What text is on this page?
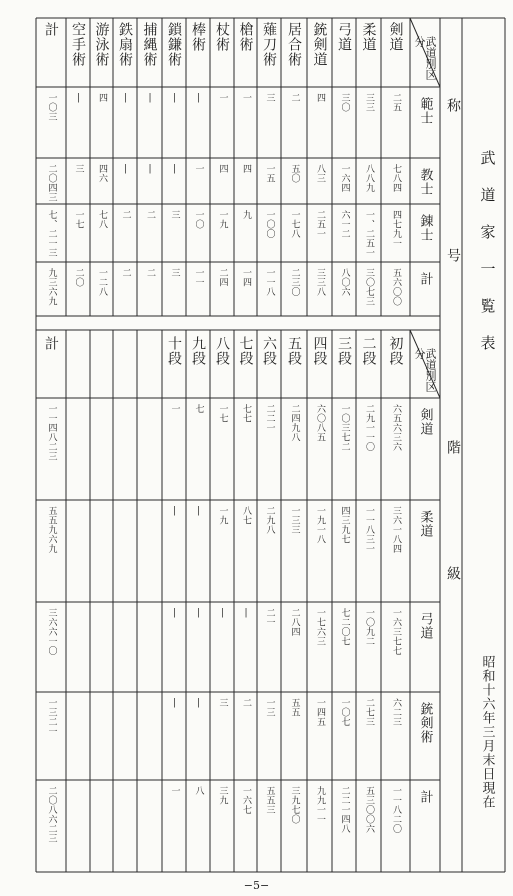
剣道
柔道
弓道
銃剣道
居合術
薙刀術
槍術
杖術
棒術
鎖鎌術
捕縄術
鉄扇術
游泳術
空手術
計
武道別区分
範士
二五
三三
三〇
四
二
三
一
一
|
|
|
|
四
|
一〇三
教士
七八四
八八九
一六四
八三
五〇
一五
四
四
一
|
|
|
四六
三
二〇四三
錬士
四七九一
一、二五一
六一二
二五一
一七八
一〇〇
九
一九
一〇
三
二
二
七八
一七
七、二一三
計
五六〇〇
三〇七三
八〇六
三三八
二三〇
一一八
一四
二四
一一
三
二
二
一二八
二〇
九三六九
初段
二段
三段
四段
五段
六段
七段
八段
九段
十段
計
武道別区分
剣道
六五六三六
二九一一〇
一〇三七二
六〇八五
二四九八
二二一
七七
一七
七
一
一一四八二三
柔道
三六一八四
一一八三一
四三九七
一九一八
一三三
二九八
八七
一九
|
|
五五九六九
弓道
一六三七七
一〇九二
七二〇七
一七六三
二八四
二一
|
|
|
|
三六六一〇
銃剣術
六二三
二七三
一〇七
一四五
五五
一三
二
三
|
|
一三二一
計
一一八二〇
五三〇〇六
二二一四八
九九一一
三九七〇
五五三
一六七
三九
八
一
二〇八六二三
武道家一覧表
昭和十六年三月末日現在
称
号
階
級
−5−
